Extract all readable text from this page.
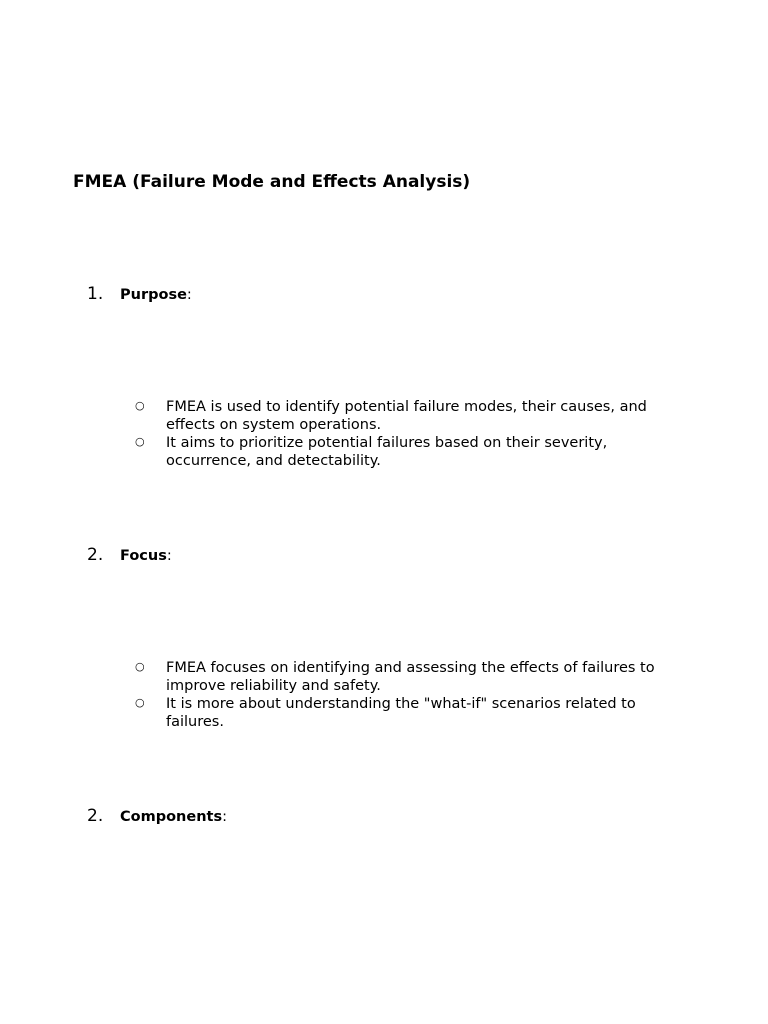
FMEA (Failure Mode and Effects Analysis)
1. Purpose:
○ FMEA is used to identify potential failure modes, their causes, and effects on system operations.
○ It aims to prioritize potential failures based on their severity, occurrence, and detectability.
2. Focus:
○ FMEA focuses on identifying and assessing the effects of failures to improve reliability and safety.
○ It is more about understanding the "what-if" scenarios related to failures.
2. Components:
